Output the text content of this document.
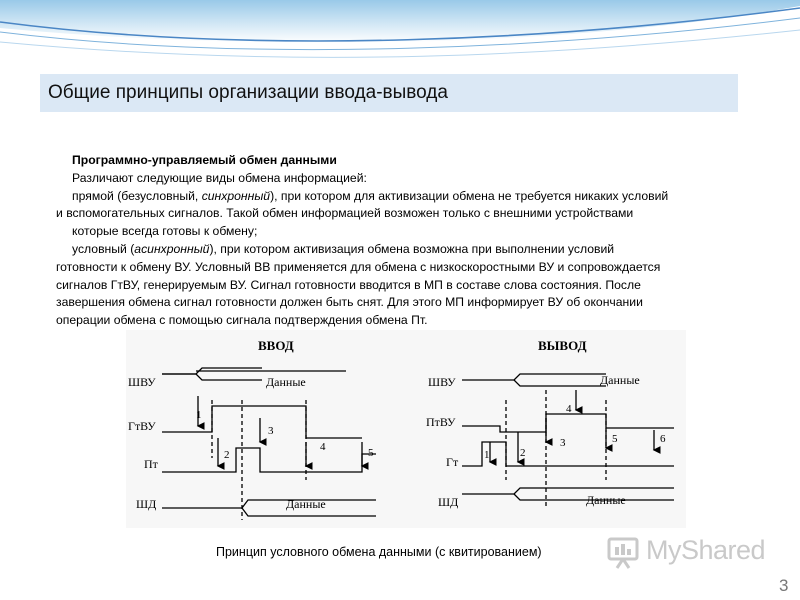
Общие принципы организации ввода-вывода
Программно-управляемый обмен данными
Различают следующие виды обмена информацией:
прямой (безусловный, синхронный), при котором для активизации обмена не требуется никаких условий
и вспомогательных сигналов. Такой обмен информацией возможен только с внешними устройствами
которые всегда готовы к обмену;
условный (асинхронный), при котором активизация обмена возможна при выполнении условий
готовности к обмену ВУ. Условный ВВ применяется для обмена с низкоскоростными ВУ и сопровождается
сигналов ГтВУ, генерируемым ВУ. Сигнал готовности вводится в МП в составе слова состояния. После
завершения обмена сигнал готовности должен быть снят. Для этого МП информирует ВУ об окончании
операции обмена с помощью сигнала подтверждения обмена Пт.
ВВОД	ВЫВОД
ШВУ
ГтВУ
Пт
ШД
Данные
Данные
ШВУ
ПтВУ
Гт
ШД
Данные
Данные
1
2
3
4	5	1	2
3
4
5	6
Принцип условного обмена данными (с квитированием)	MyShared
3
